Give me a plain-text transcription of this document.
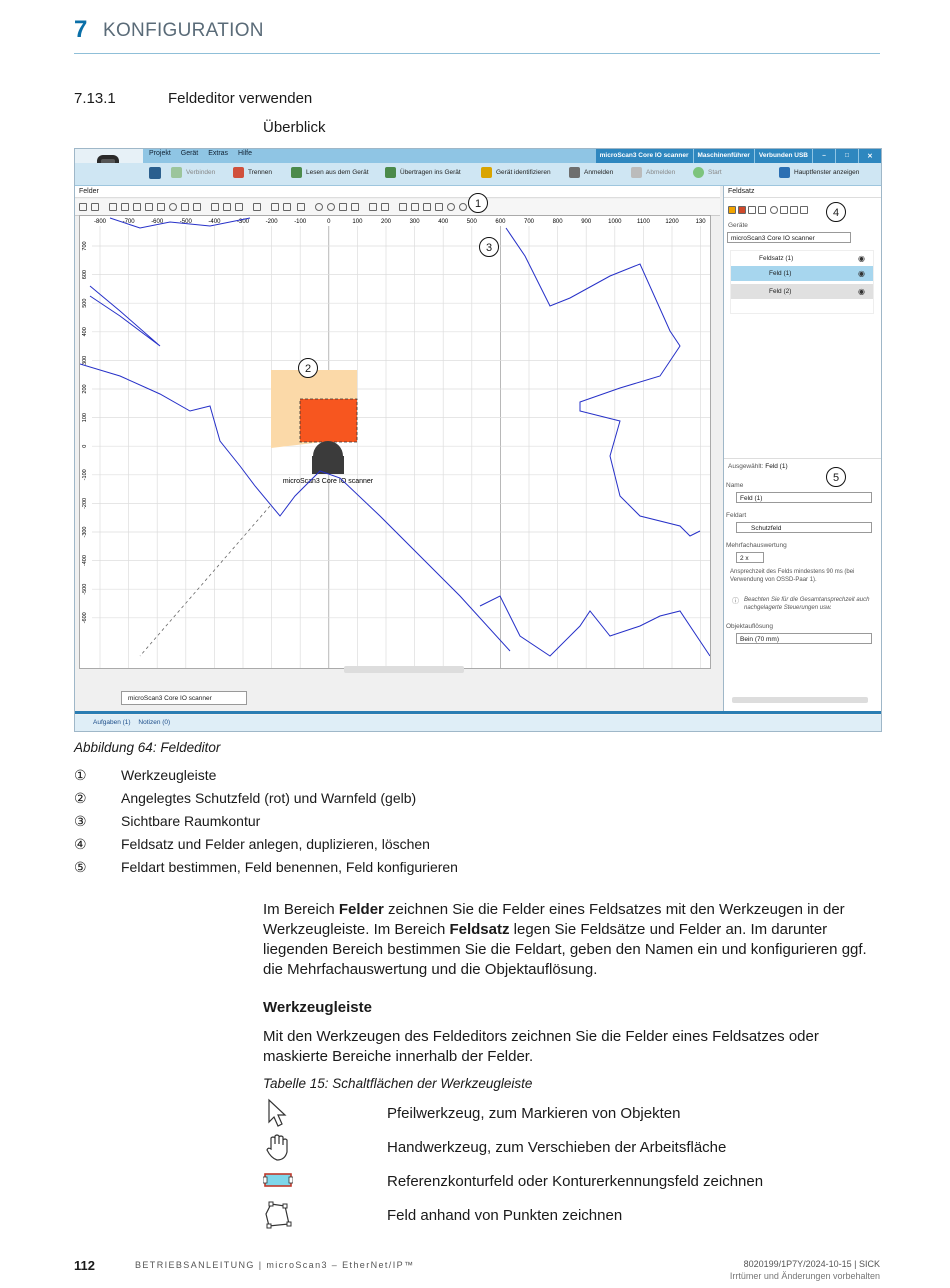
7 KONFIGURATION
7.13.1	Feldeditor verwenden
Überblick
Projekt Gerät Extras Hilfe	microScan3 Core IO scanner	Maschinenführer	Verbunden USB	–	□	✕
Verbinden	Trennen	Lesen aus dem Gerät	Übertragen ins Gerät	Gerät identifizieren	Anmelden	Abmelden	Start	Hauptfenster anzeigen
Felder
-800	-700	-600	-500	-400	-300	-200	-100	0	100	200	300	400	500	600	700	800	900	1000	1100	1200	130
700
600
500
400
300
200
100
0
-100
-200
-300
-400
-500
-600
microScan3 Core IO scanner
microScan3 Core IO scanner
Aufgaben (1) Notizen (0)
Feldsatz
Geräte
microScan3 Core IO scanner
Feldsatz (1)	◉
Feld (1)	◉
Feld (2)	◉
Ausgewählt: Feld (1)
Name
Feld (1)
Feldart
Schutzfeld
Mehrfachauswertung
2 x
Ansprechzeit des Felds mindestens 90 ms (bei Verwendung von OSSD-Paar 1).
Beachten Sie für die Gesamtansprechzeit auch nachgelagerte Steuerungen usw.
ⓘ
Objektauflösung
Bein (70 mm)
1
2
3
4
5
Abbildung 64: Feldeditor
① Werkzeugleiste
② Angelegtes Schutzfeld (rot) und Warnfeld (gelb)
③ Sichtbare Raumkontur
④ Feldsatz und Felder anlegen, duplizieren, löschen
⑤ Feldart bestimmen, Feld benennen, Feld konfigurieren
Im Bereich Felder zeichnen Sie die Felder eines Feldsatzes mit den Werkzeugen in der Werkzeugleiste. Im Bereich Feldsatz legen Sie Feldsätze und Felder an. Im darunter liegenden Bereich bestimmen Sie die Feldart, geben den Namen ein und konfigurieren ggf. die Mehrfachauswertung und die Objektauflösung.
Werkzeugleiste
Mit den Werkzeugen des Feldeditors zeichnen Sie die Felder eines Feldsatzes oder maskierte Bereiche innerhalb der Felder.
Tabelle 15: Schaltflächen der Werkzeugleiste
Pfeilwerkzeug, zum Markieren von Objekten
Handwerkzeug, zum Verschieben der Arbeitsfläche
Referenzkonturfeld oder Konturerkennungsfeld zeichnen
Feld anhand von Punkten zeichnen
112	BETRIEBSANLEITUNG | microScan3 – EtherNet/IP™	8020199/1P7Y/2024-10-15 | SICK
Irrtümer und Änderungen vorbehalten
